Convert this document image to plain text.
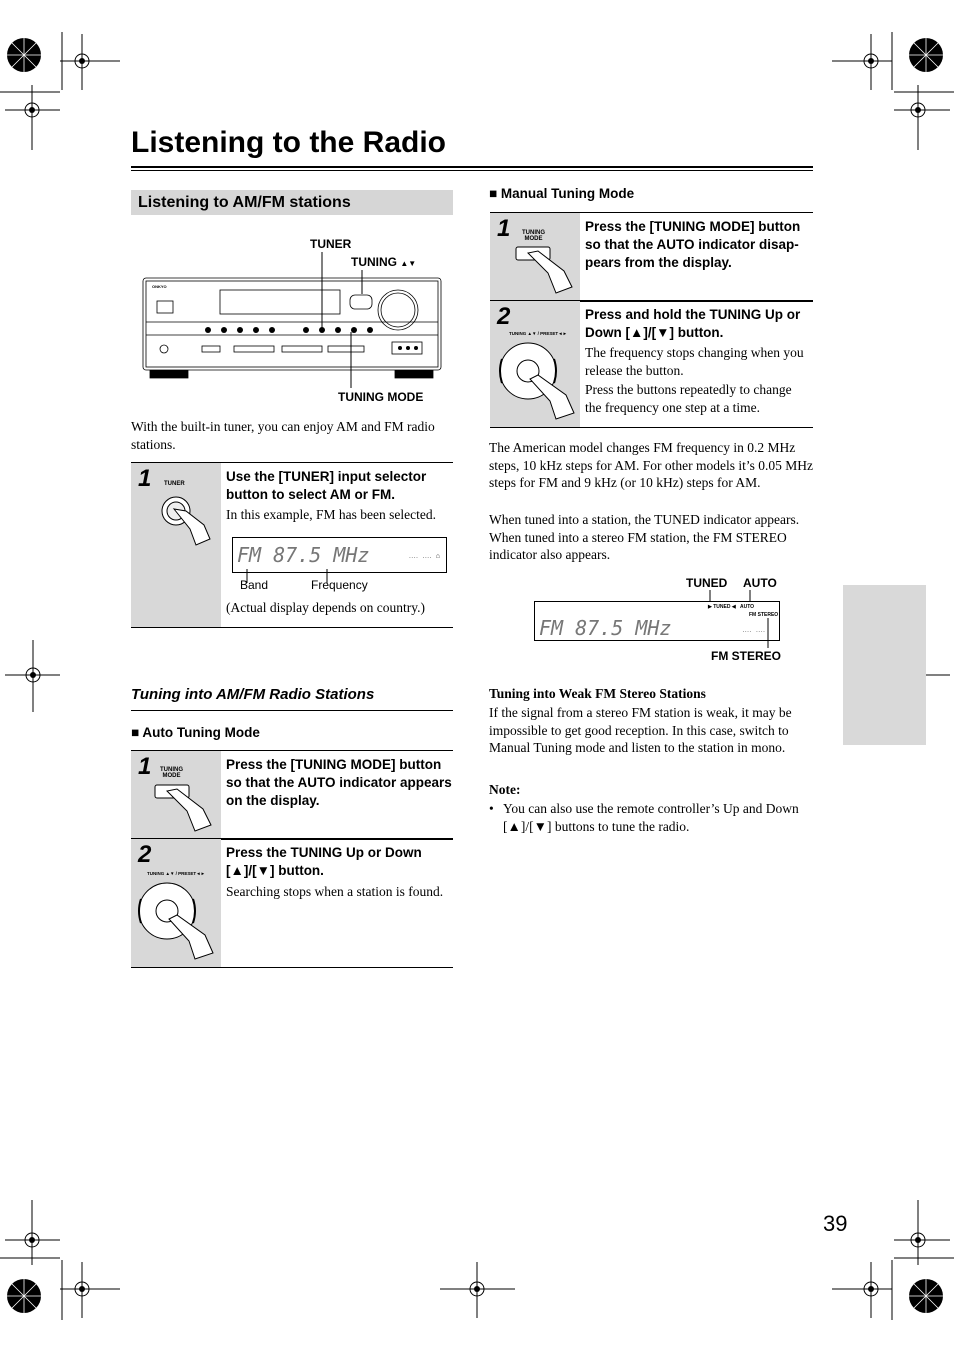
Listening to the Radio
Listening to AM/FM stations
TUNER
TUNING ▲▼
ONKYO
TUNING MODE
With the built-in tuner, you can enjoy AM and FM radio stations.
1 TUNER	Use the [TUNER] input selector button to select AM or FM.
In this example, FM has been selected.
FM 87.5 MHz	‥‥ ‥‥ ⌂
Band	Frequency
(Actual display depends on country.)
Tuning into AM/FM Radio Stations
■ Auto Tuning Mode
1 TUNING
MODE
Press the [TUNING MODE] button so that the AUTO indicator appears on the display.
2
TUNING ▲▼ / PRESET◄►
Press the TUNING Up or Down [▲]/[▼] button.
Searching stops when a station is found.
■ Manual Tuning Mode
1 TUNING
MODE
Press the [TUNING MODE] button so that the AUTO indicator disap-pears from the display.
2
TUNING ▲▼ / PRESET◄►
Press and hold the TUNING Up or Down [▲]/[▼] button.
The frequency stops changing when you release the button.
Press the buttons repeatedly to change the frequency one step at a time.
The American model changes FM frequency in 0.2 MHz steps, 10 kHz steps for AM. For other models it’s 0.05 MHz steps for FM and 9 kHz (or 10 kHz) steps for AM.
When tuned into a station, the TUNED indicator appears. When tuned into a stereo FM station, the FM STEREO indicator also appears.
TUNED AUTO
▶ TUNED ◀ AUTO
FM STEREO
FM 87.5 MHz	‥‥ ‥‥
FM STEREO
Tuning into Weak FM Stereo Stations
If the signal from a stereo FM station is weak, it may be impossible to get good reception. In this case, switch to Manual Tuning mode and listen to the station in mono.
Note:
• You can also use the remote controller’s Up and Down [▲]/[▼] buttons to tune the radio.
39
